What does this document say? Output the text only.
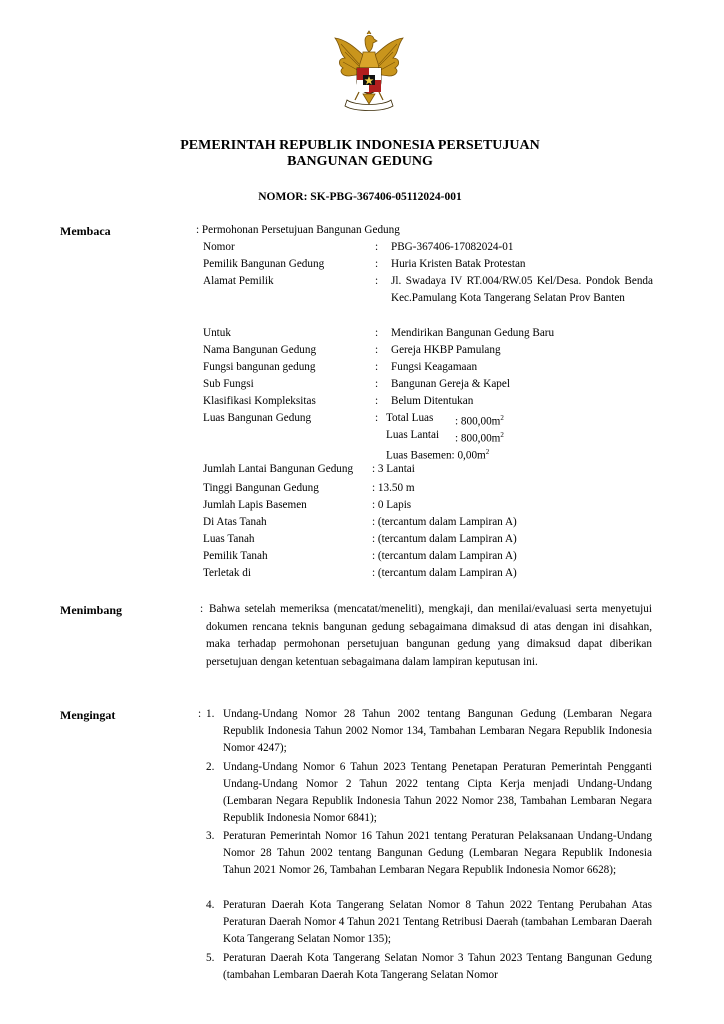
PEMERINTAH REPUBLIK INDONESIA PERSETUJUAN
BANGUNAN GEDUNG
NOMOR: SK-PBG-367406-05112024-001
Membaca	: Permohonan Persetujuan Bangunan Gedung
Nomor	: PBG-367406-17082024-01
Pemilik Bangunan Gedung	: Huria Kristen Batak Protestan
Alamat Pemilik	: Jl. Swadaya IV RT.004/RW.05 Kel/Desa. Pondok Benda Kec.Pamulang Kota Tangerang Selatan Prov Banten
Untuk	: Mendirikan Bangunan Gedung Baru
Nama Bangunan Gedung	: Gereja HKBP Pamulang
Fungsi bangunan gedung	: Fungsi Keagamaan
Sub Fungsi	: Bangunan Gereja & Kapel
Klasifikasi Kompleksitas	: Belum Ditentukan
Luas Bangunan Gedung	: Total Luas : $800,00m^2$
Luas Lantai : $800,00m^2$
Luas Basemen: $0,00m^2$
Jumlah Lantai Bangunan Gedung : 3 Lantai
Tinggi Bangunan Gedung	: 13.50 m
Jumlah Lapis Basemen	: 0 Lapis
Di Atas Tanah	: (tercantum dalam Lampiran A)
Luas Tanah	: (tercantum dalam Lampiran A)
Pemilik Tanah	: (tercantum dalam Lampiran A)
Terletak di	: (tercantum dalam Lampiran A)
Menimbang	: Bahwa setelah memeriksa (mencatat/meneliti), mengkaji, dan menilai/evaluasi serta menyetujui dokumen rencana teknis bangunan gedung sebagaimana dimaksud di atas dengan ini disahkan, maka terhadap permohonan persetujuan bangunan gedung yang dimaksud dapat diberikan persetujuan dengan ketentuan sebagaimana dalam lampiran keputusan ini.
Mengingat	: 1. Undang-Undang Nomor 28 Tahun 2002 tentang Bangunan Gedung (Lembaran Negara Republik Indonesia Tahun 2002 Nomor 134, Tambahan Lembaran Negara Republik Indonesia Nomor 4247);
2. Undang-Undang Nomor 6 Tahun 2023 Tentang Penetapan Peraturan Pemerintah Pengganti Undang-Undang Nomor 2 Tahun 2022 tentang Cipta Kerja menjadi Undang-Undang (Lembaran Negara Republik Indonesia Tahun 2022 Nomor 238, Tambahan Lembaran Negara Republik Indonesia Nomor 6841);
3. Peraturan Pemerintah Nomor 16 Tahun 2021 tentang Peraturan Pelaksanaan Undang-Undang Nomor 28 Tahun 2002 tentang Bangunan Gedung (Lembaran Negara Republik Indonesia Tahun 2021 Nomor 26, Tambahan Lembaran Negara Republik Indonesia Nomor 6628);
4. Peraturan Daerah Kota Tangerang Selatan Nomor 8 Tahun 2022 Tentang Perubahan Atas Peraturan Daerah Nomor 4 Tahun 2021 Tentang Retribusi Daerah (tambahan Lembaran Daerah Kota Tangerang Selatan Nomor 135);
5. Peraturan Daerah Kota Tangerang Selatan Nomor 3 Tahun 2023 Tentang Bangunan Gedung (tambahan Lembaran Daerah Kota Tangerang Selatan Nomor
